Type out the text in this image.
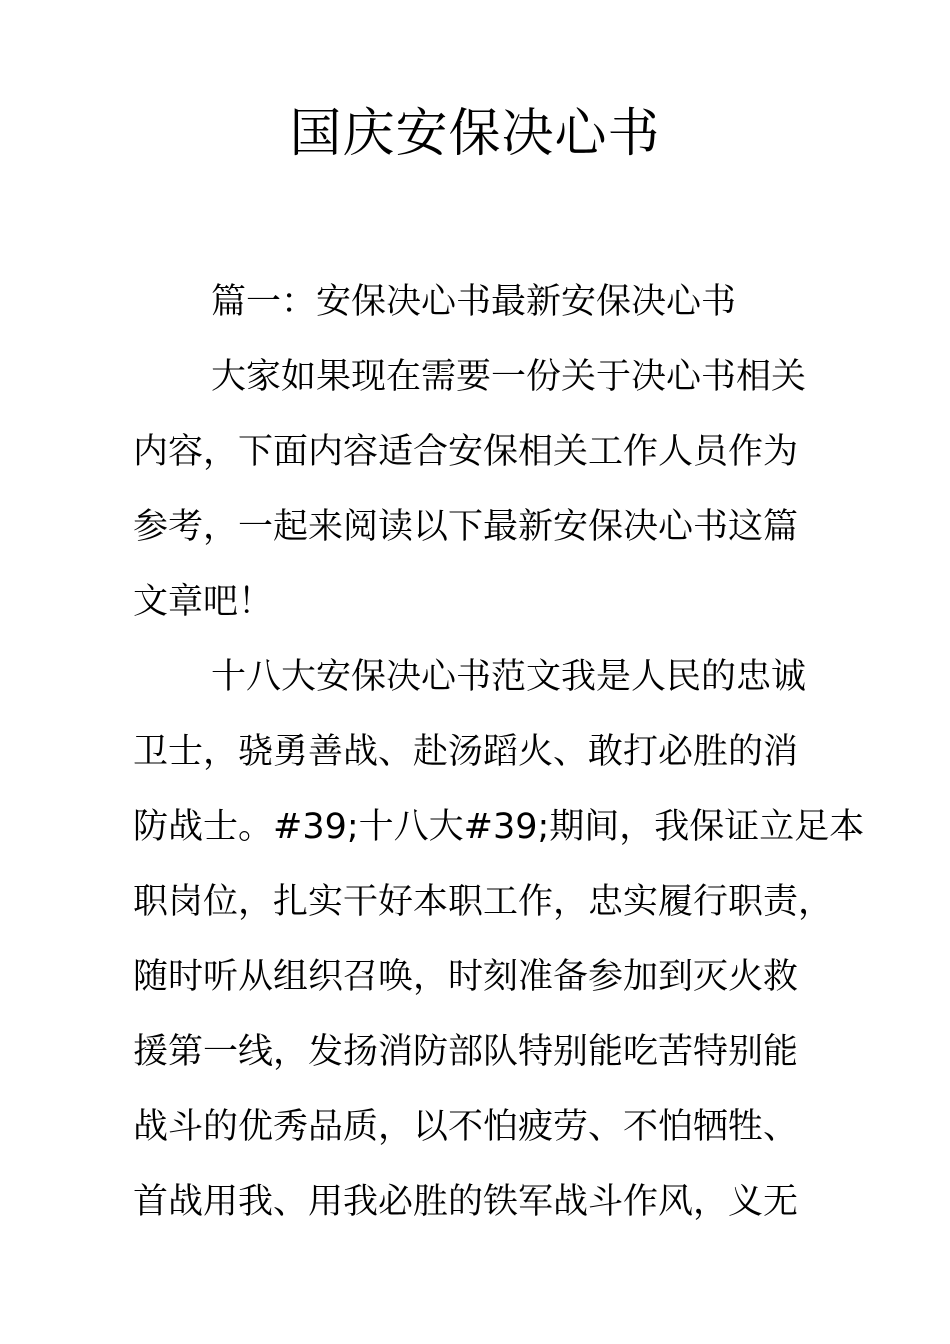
国庆安保决心书

篇一：安保决心书最新安保决心书

大家如果现在需要一份关于决心书相关

内容，下面内容适合安保相关工作人员作为

参考，一起来阅读以下最新安保决心书这篇

文章吧！

十八大安保决心书范文我是人民的忠诚

卫士，骁勇善战、赴汤蹈火、敢打必胜的消

防战士。#39;十八大#39;期间，我保证立足本

职岗位，扎实干好本职工作，忠实履行职责，

随时听从组织召唤，时刻准备参加到灭火救

援第一线，发扬消防部队特别能吃苦特别能

战斗的优秀品质，以不怕疲劳、不怕牺牲、

首战用我、用我必胜的铁军战斗作风，义无
